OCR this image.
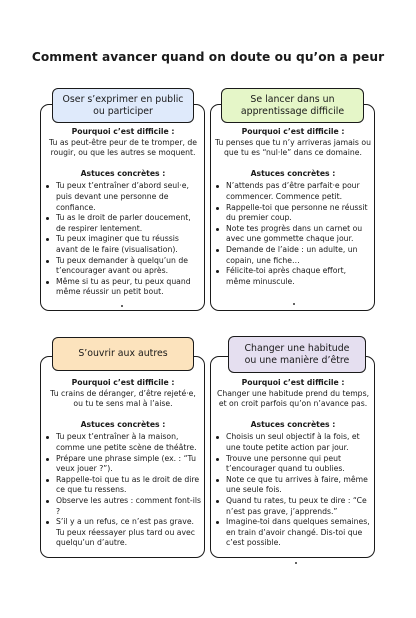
Comment avancer quand on doute ou qu’on a peur
Oser s’exprimer en public ou participer
Pourquoi c’est difficile :
Tu as peut-être peur de te tromper, de rougir, ou que les autres se moquent.
Astuces concrètes :
Tu peux t’entraîner d’abord seul·e, puis devant une personne de confiance.
Tu as le droit de parler doucement, de respirer lentement.
Tu peux imaginer que tu réussis avant de le faire (visualisation).
Tu peux demander à quelqu’un de t’encourager avant ou après.
Même si tu as peur, tu peux quand même réussir un petit bout.
Se lancer dans un apprentissage difficile
Pourquoi c’est difficile :
Tu penses que tu n’y arriveras jamais ou que tu es “nul·le” dans ce domaine.
Astuces concrètes :
N’attends pas d’être parfait·e pour commencer. Commence petit.
Rappelle-toi que personne ne réussit du premier coup.
Note tes progrès dans un carnet ou avec une gommette chaque jour.
Demande de l’aide : un adulte, un copain, une fiche…
Félicite-toi après chaque effort, même minuscule.
S’ouvrir aux autres
Pourquoi c’est difficile :
Tu crains de déranger, d’être rejeté·e, ou tu te sens mal à l’aise.
Astuces concrètes :
Tu peux t’entraîner à la maison, comme une petite scène de théâtre.
Prépare une phrase simple (ex. : “Tu veux jouer ?”).
Rappelle-toi que tu as le droit de dire ce que tu ressens.
Observe les autres : comment font-ils ?
S’il y a un refus, ce n’est pas grave. Tu peux réessayer plus tard ou avec quelqu’un d’autre.
Changer une habitude ou une manière d’être
Pourquoi c’est difficile :
Changer une habitude prend du temps, et on croit parfois qu’on n’avance pas.
Astuces concrètes :
Choisis un seul objectif à la fois, et une toute petite action par jour.
Trouve une personne qui peut t’encourager quand tu oublies.
Note ce que tu arrives à faire, même une seule fois.
Quand tu rates, tu peux te dire : “Ce n’est pas grave, j’apprends.”
Imagine-toi dans quelques semaines, en train d’avoir changé. Dis-toi que c’est possible.
